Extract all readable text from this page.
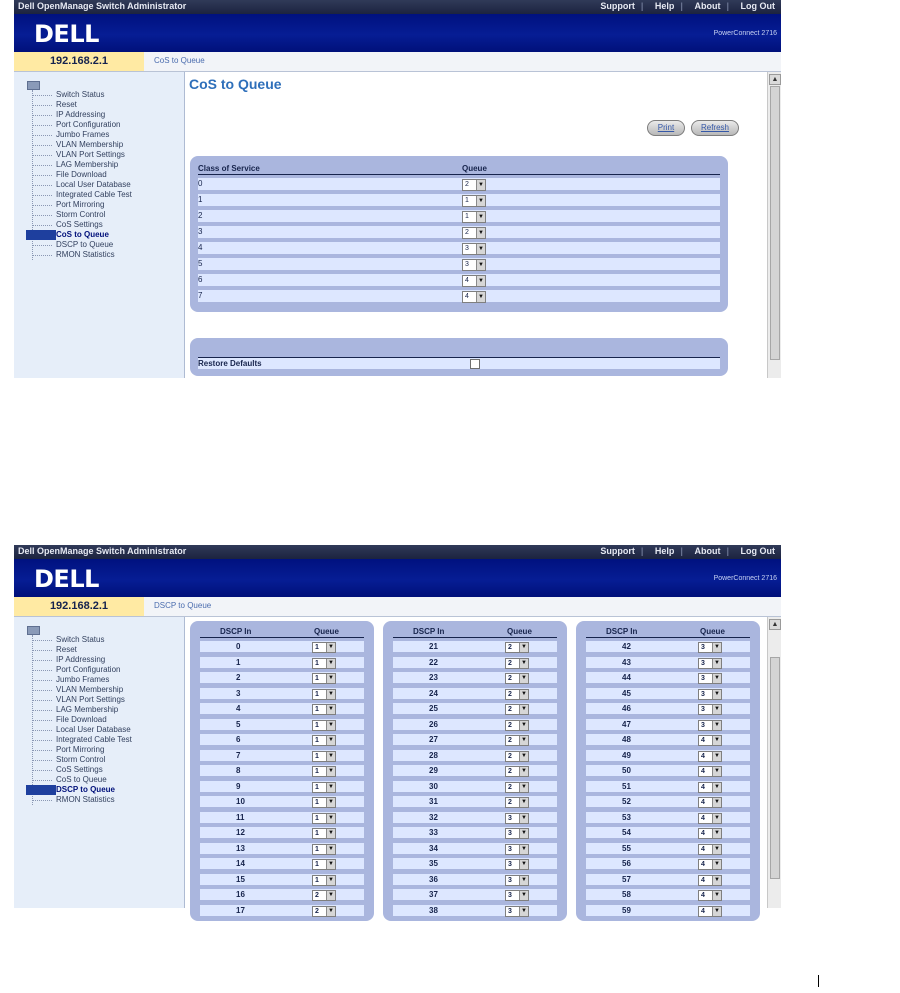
Dell OpenManage Switch Administrator	Support | Help | About | Log Out
DELL	PowerConnect 2716
192.168.2.1	CoS to Queue
Switch Status
Reset
IP Addressing
Port Configuration
Jumbo Frames
VLAN Membership
VLAN Port Settings
LAG Membership
File Download
Local User Database
Integrated Cable Test
Port Mirroring
Storm Control
CoS Settings
CoS to Queue
DSCP to Queue
RMON Statistics
CoS to Queue
Print	Refresh
Class of Service	Queue
0	2	▼
1	1	▼
2	1	▼
3	2	▼
4	3	▼
5	3	▼
6	4	▼
7	4	▼
Restore Defaults
▲
Dell OpenManage Switch Administrator	Support | Help | About | Log Out
DELL	PowerConnect 2716
192.168.2.1	DSCP to Queue
Switch Status
Reset
IP Addressing
Port Configuration
Jumbo Frames
VLAN Membership
VLAN Port Settings
LAG Membership
File Download
Local User Database
Integrated Cable Test
Port Mirroring
Storm Control
CoS Settings
CoS to Queue
DSCP to Queue
RMON Statistics
DSCP In	Queue
0	1	▼
1	1	▼
2	1	▼
3	1	▼
4	1	▼
5	1	▼
6	1	▼
7	1	▼
8	1	▼
9	1	▼
10	1	▼
11	1	▼
12	1	▼
13	1	▼
14	1	▼
15	1	▼
16	2	▼
17	2	▼
DSCP In	Queue
21	2	▼
22	2	▼
23	2	▼
24	2	▼
25	2	▼
26	2	▼
27	2	▼
28	2	▼
29	2	▼
30	2	▼
31	2	▼
32	3	▼
33	3	▼
34	3	▼
35	3	▼
36	3	▼
37	3	▼
38	3	▼
DSCP In	Queue
42	3	▼
43	3	▼
44	3	▼
45	3	▼
46	3	▼
47	3	▼
48	4	▼
49	4	▼
50	4	▼
51	4	▼
52	4	▼
53	4	▼
54	4	▼
55	4	▼
56	4	▼
57	4	▼
58	4	▼
59	4	▼
▲
